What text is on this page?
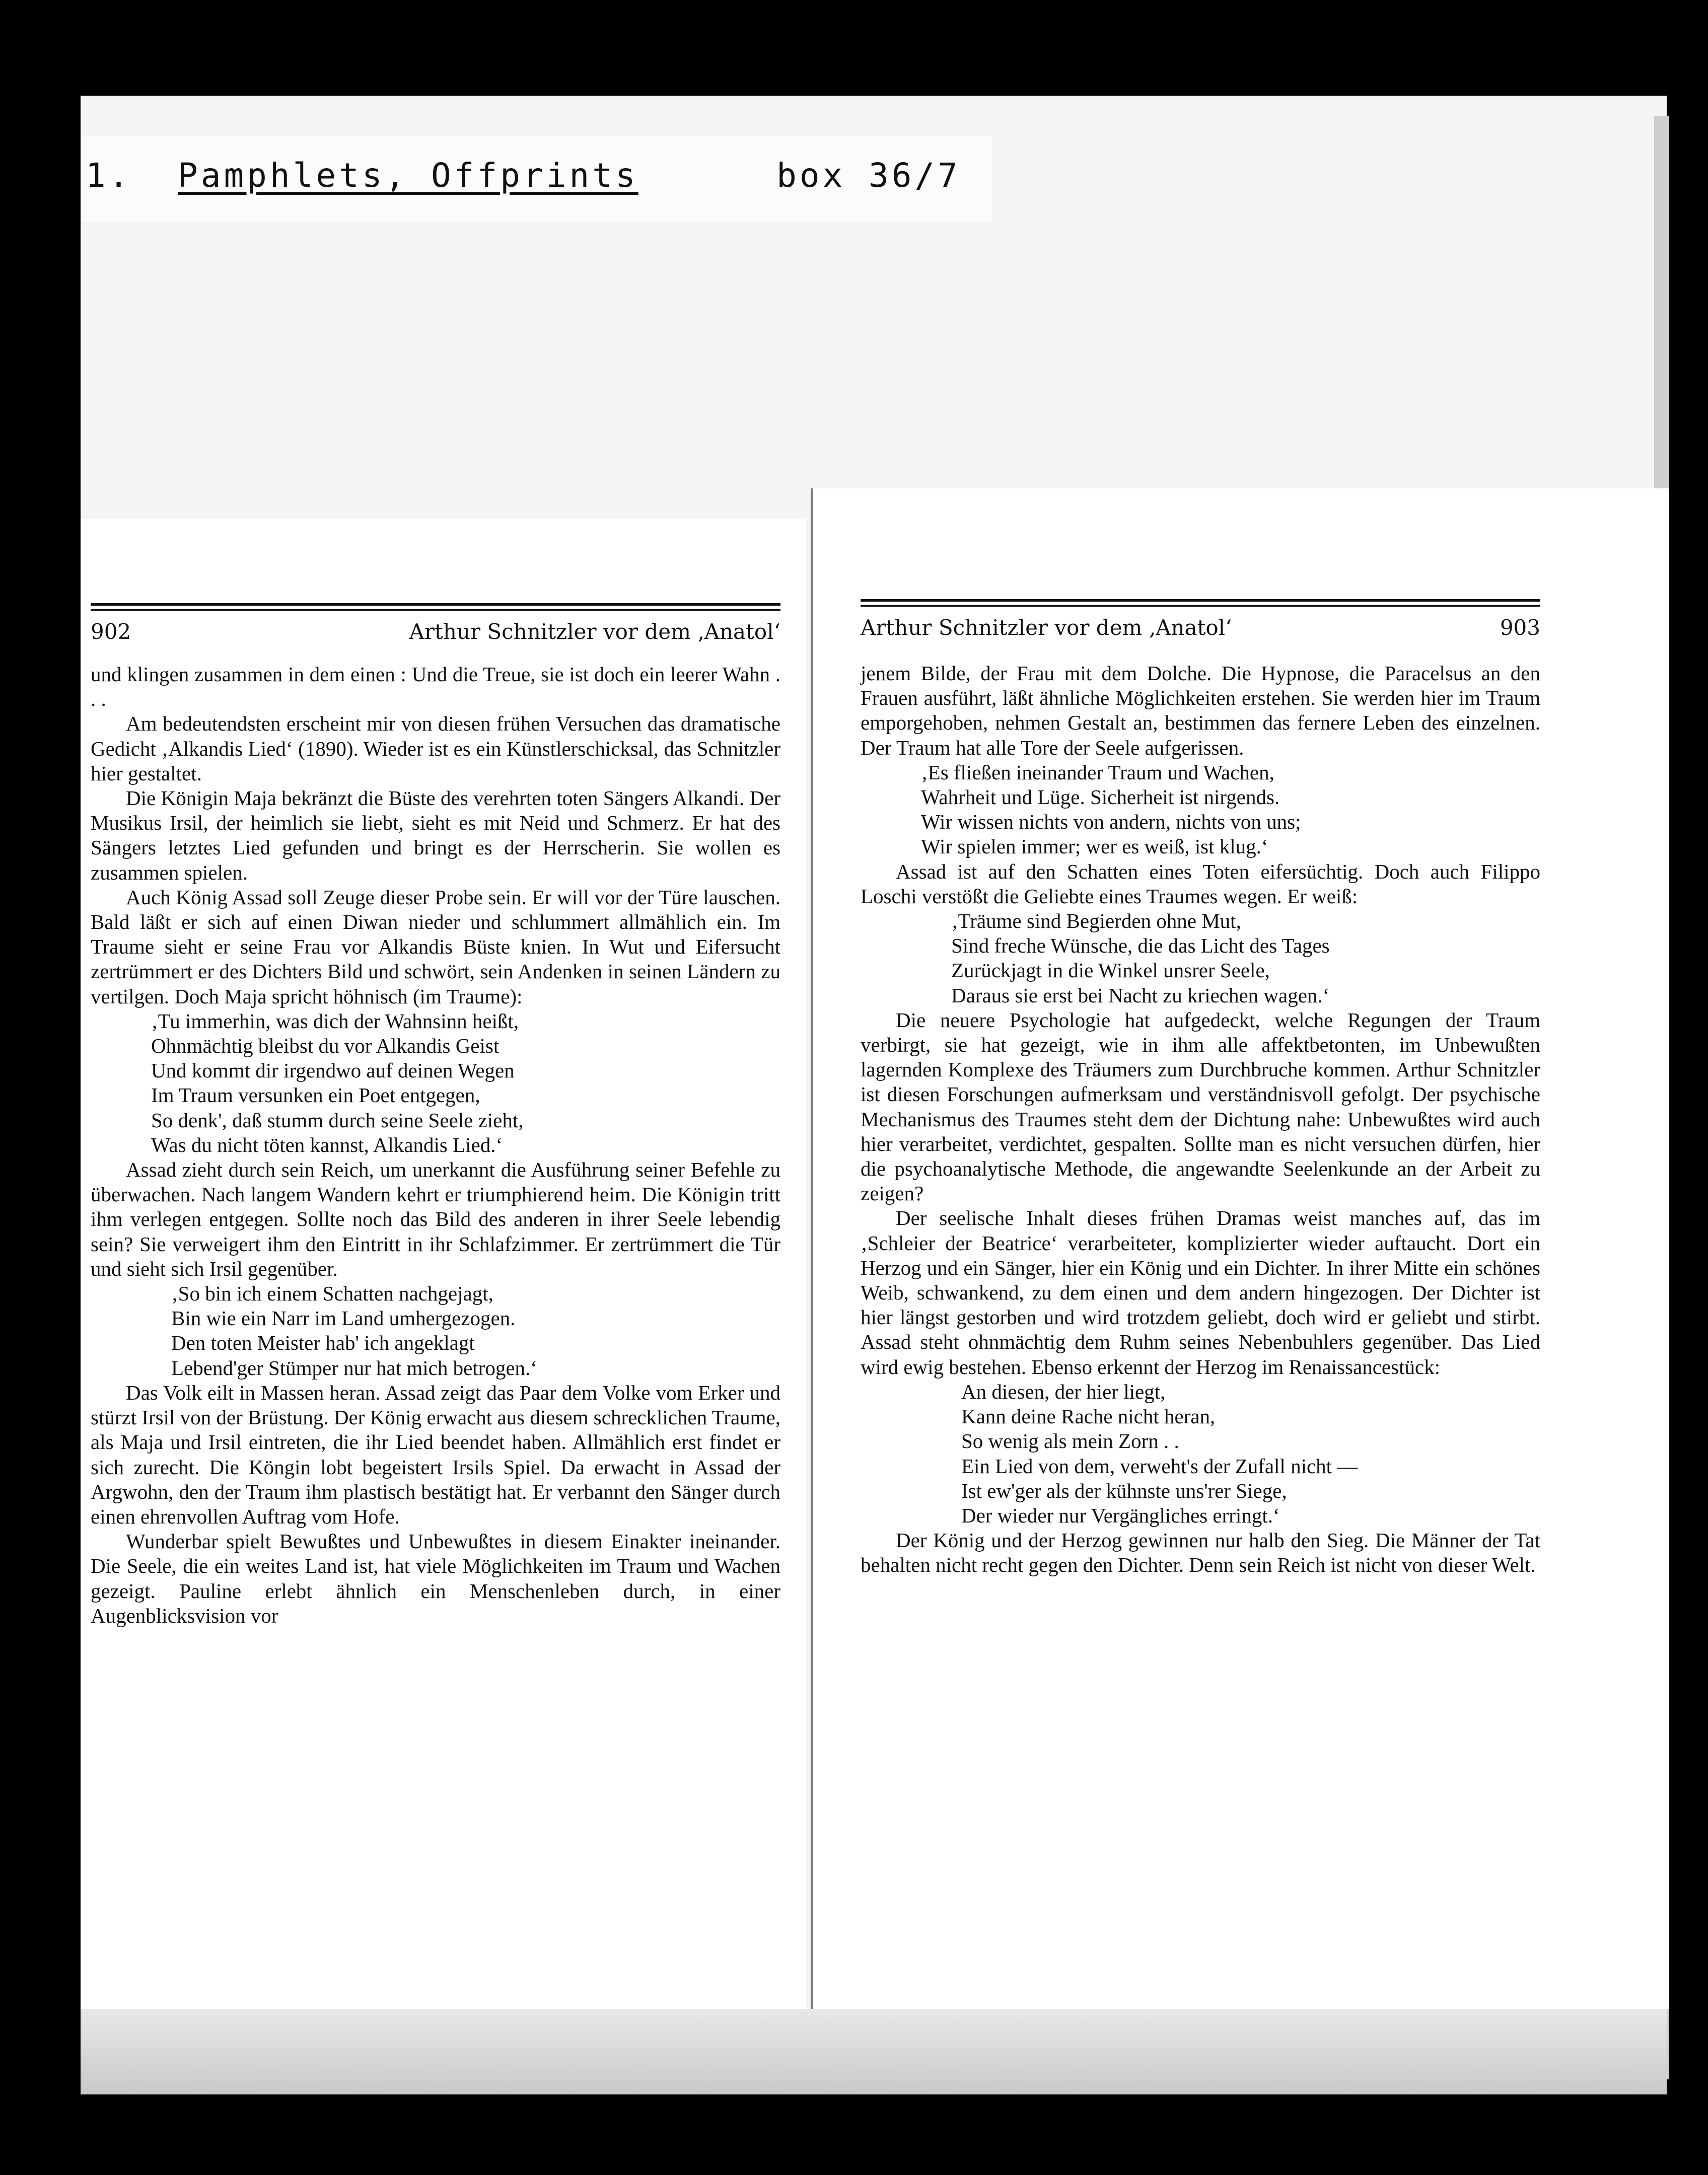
1. Pamphlets, Offprints	box 36/7
902	Arthur Schnitzler vor dem ‚Anatol‘

und klingen zusammen in dem einen : Und die Treue, sie ist doch ein leerer Wahn . . .

Am bedeutendsten erscheint mir von diesen frühen Versuchen das dramatische Gedicht ‚Alkandis Lied‘ (1890). Wieder ist es ein Künstlerschicksal, das Schnitzler hier gestaltet.

Die Königin Maja bekränzt die Büste des verehrten toten Sängers Alkandi. Der Musikus Irsil, der heimlich sie liebt, sieht es mit Neid und Schmerz. Er hat des Sängers letztes Lied gefunden und bringt es der Herrscherin. Sie wollen es zusammen spielen.

Auch König Assad soll Zeuge dieser Probe sein. Er will vor der Türe lauschen. Bald läßt er sich auf einen Diwan nieder und schlummert allmählich ein. Im Traume sieht er seine Frau vor Alkandis Büste knien. In Wut und Eifersucht zertrümmert er des Dichters Bild und schwört, sein Andenken in seinen Ländern zu vertilgen. Doch Maja spricht höhnisch (im Traume):

‚Tu immerhin, was dich der Wahnsinn heißt,

Ohnmächtig bleibst du vor Alkandis Geist

Und kommt dir irgendwo auf deinen Wegen

Im Traum versunken ein Poet entgegen,

So denk', daß stumm durch seine Seele zieht,

Was du nicht töten kannst, Alkandis Lied.‘

Assad zieht durch sein Reich, um unerkannt die Ausführung seiner Befehle zu überwachen. Nach langem Wandern kehrt er triumphierend heim. Die Königin tritt ihm verlegen entgegen. Sollte noch das Bild des anderen in ihrer Seele lebendig sein? Sie verweigert ihm den Eintritt in ihr Schlafzimmer. Er zertrümmert die Tür und sieht sich Irsil gegenüber.

‚So bin ich einem Schatten nachgejagt,

Bin wie ein Narr im Land umhergezogen.

Den toten Meister hab' ich angeklagt

Lebend'ger Stümper nur hat mich betrogen.‘

Das Volk eilt in Massen heran. Assad zeigt das Paar dem Volke vom Erker und stürzt Irsil von der Brüstung. Der König erwacht aus diesem schrecklichen Traume, als Maja und Irsil eintreten, die ihr Lied beendet haben. Allmählich erst findet er sich zurecht. Die Köngin lobt begeistert Irsils Spiel. Da erwacht in Assad der Argwohn, den der Traum ihm plastisch bestätigt hat. Er verbannt den Sänger durch einen ehrenvollen Auftrag vom Hofe.

Wunderbar spielt Bewußtes und Unbewußtes in diesem Einakter ineinander. Die Seele, die ein weites Land ist, hat viele Möglichkeiten im Traum und Wachen gezeigt. Pauline erlebt ähnlich ein Menschenleben durch, in einer Augenblicksvision vor

Arthur Schnitzler vor dem ‚Anatol‘	903

jenem Bilde, der Frau mit dem Dolche. Die Hypnose, die Paracelsus an den Frauen ausführt, läßt ähnliche Möglichkeiten erstehen. Sie werden hier im Traum emporgehoben, nehmen Gestalt an, bestimmen das fernere Leben des einzelnen. Der Traum hat alle Tore der Seele aufgerissen.

‚Es fließen ineinander Traum und Wachen,

Wahrheit und Lüge. Sicherheit ist nirgends.

Wir wissen nichts von andern, nichts von uns;

Wir spielen immer; wer es weiß, ist klug.‘

Assad ist auf den Schatten eines Toten eifersüchtig. Doch auch Filippo Loschi verstößt die Geliebte eines Traumes wegen. Er weiß:

‚Träume sind Begierden ohne Mut,

Sind freche Wünsche, die das Licht des Tages

Zurückjagt in die Winkel unsrer Seele,

Daraus sie erst bei Nacht zu kriechen wagen.‘

Die neuere Psychologie hat aufgedeckt, welche Regungen der Traum verbirgt, sie hat gezeigt, wie in ihm alle affektbetonten, im Unbewußten lagernden Komplexe des Träumers zum Durchbruche kommen. Arthur Schnitzler ist diesen Forschungen aufmerksam und verständnisvoll gefolgt. Der psychische Mechanismus des Traumes steht dem der Dichtung nahe: Unbewußtes wird auch hier verarbeitet, verdichtet, gespalten. Sollte man es nicht versuchen dürfen, hier die psychoanalytische Methode, die angewandte Seelenkunde an der Arbeit zu zeigen?

Der seelische Inhalt dieses frühen Dramas weist manches auf, das im ‚Schleier der Beatrice‘ verarbeiteter, komplizierter wieder auftaucht. Dort ein Herzog und ein Sänger, hier ein König und ein Dichter. In ihrer Mitte ein schönes Weib, schwankend, zu dem einen und dem andern hingezogen. Der Dichter ist hier längst gestorben und wird trotzdem geliebt, doch wird er geliebt und stirbt. Assad steht ohnmächtig dem Ruhm seines Nebenbuhlers gegenüber. Das Lied wird ewig bestehen. Ebenso erkennt der Herzog im Renaissancestück:

An diesen, der hier liegt,

Kann deine Rache nicht heran,

So wenig als mein Zorn . .

Ein Lied von dem, verweht's der Zufall nicht —

Ist ew'ger als der kühnste uns'rer Siege,

Der wieder nur Vergängliches erringt.‘

Der König und der Herzog gewinnen nur halb den Sieg. Die Männer der Tat behalten nicht recht gegen den Dichter. Denn sein Reich ist nicht von dieser Welt.
